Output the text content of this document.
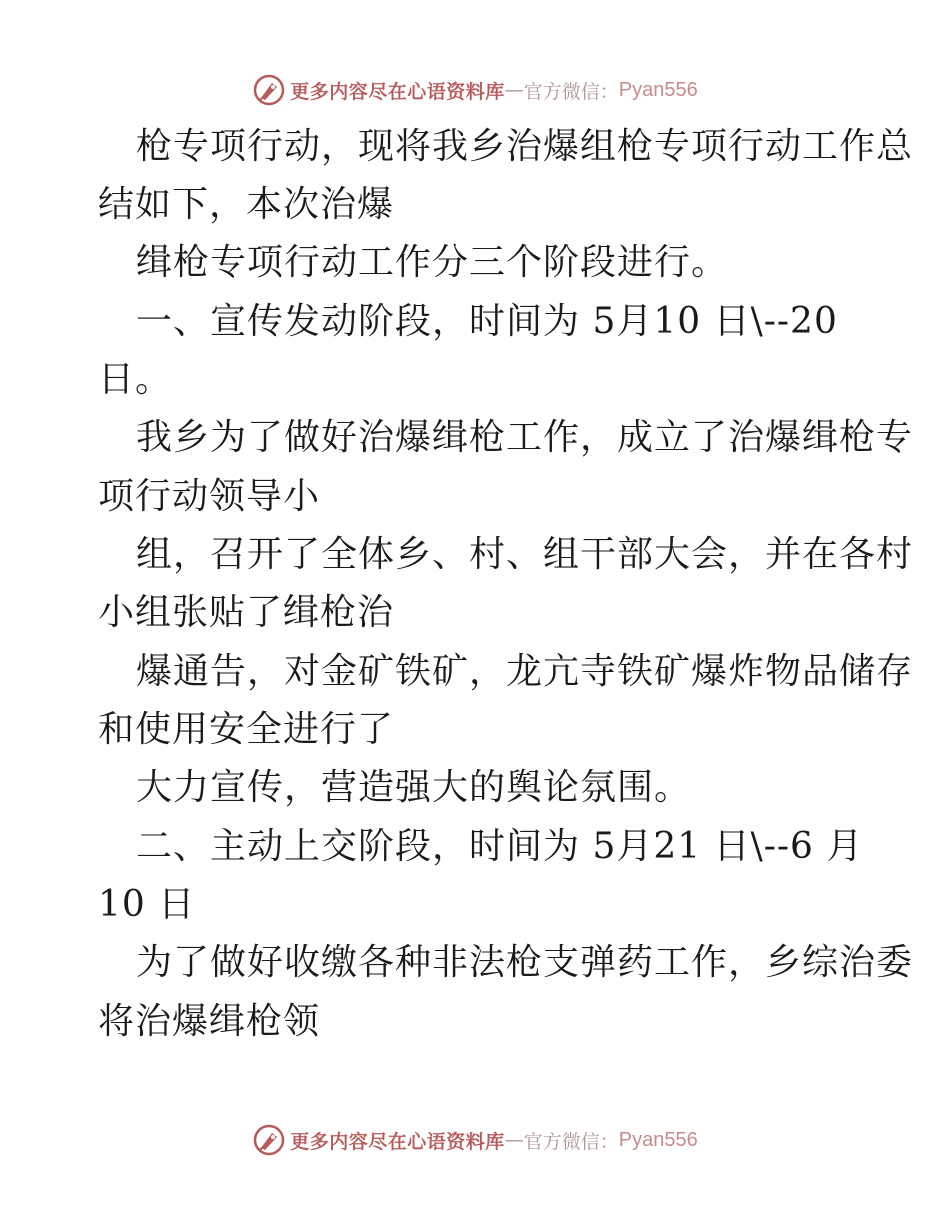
更多内容尽在心语资料库 — 官方微信： Pyan556
枪专项行动，现将我乡治爆组枪专项行动工作总
结如下，本次治爆
缉枪专项行动工作分三个阶段进行。
一、宣传发动阶段，时间为 5月10 日\--20
日。
我乡为了做好治爆缉枪工作，成立了治爆缉枪专
项行动领导小
组，召开了全体乡、村、组干部大会，并在各村
小组张贴了缉枪治
爆通告，对金矿铁矿，龙亢寺铁矿爆炸物品储存
和使用安全进行了
大力宣传，营造强大的舆论氛围。
二、主动上交阶段，时间为 5月21 日\--6 月
10 日
为了做好收缴各种非法枪支弹药工作，乡综治委
将治爆缉枪领
更多内容尽在心语资料库 — 官方微信： Pyan556
